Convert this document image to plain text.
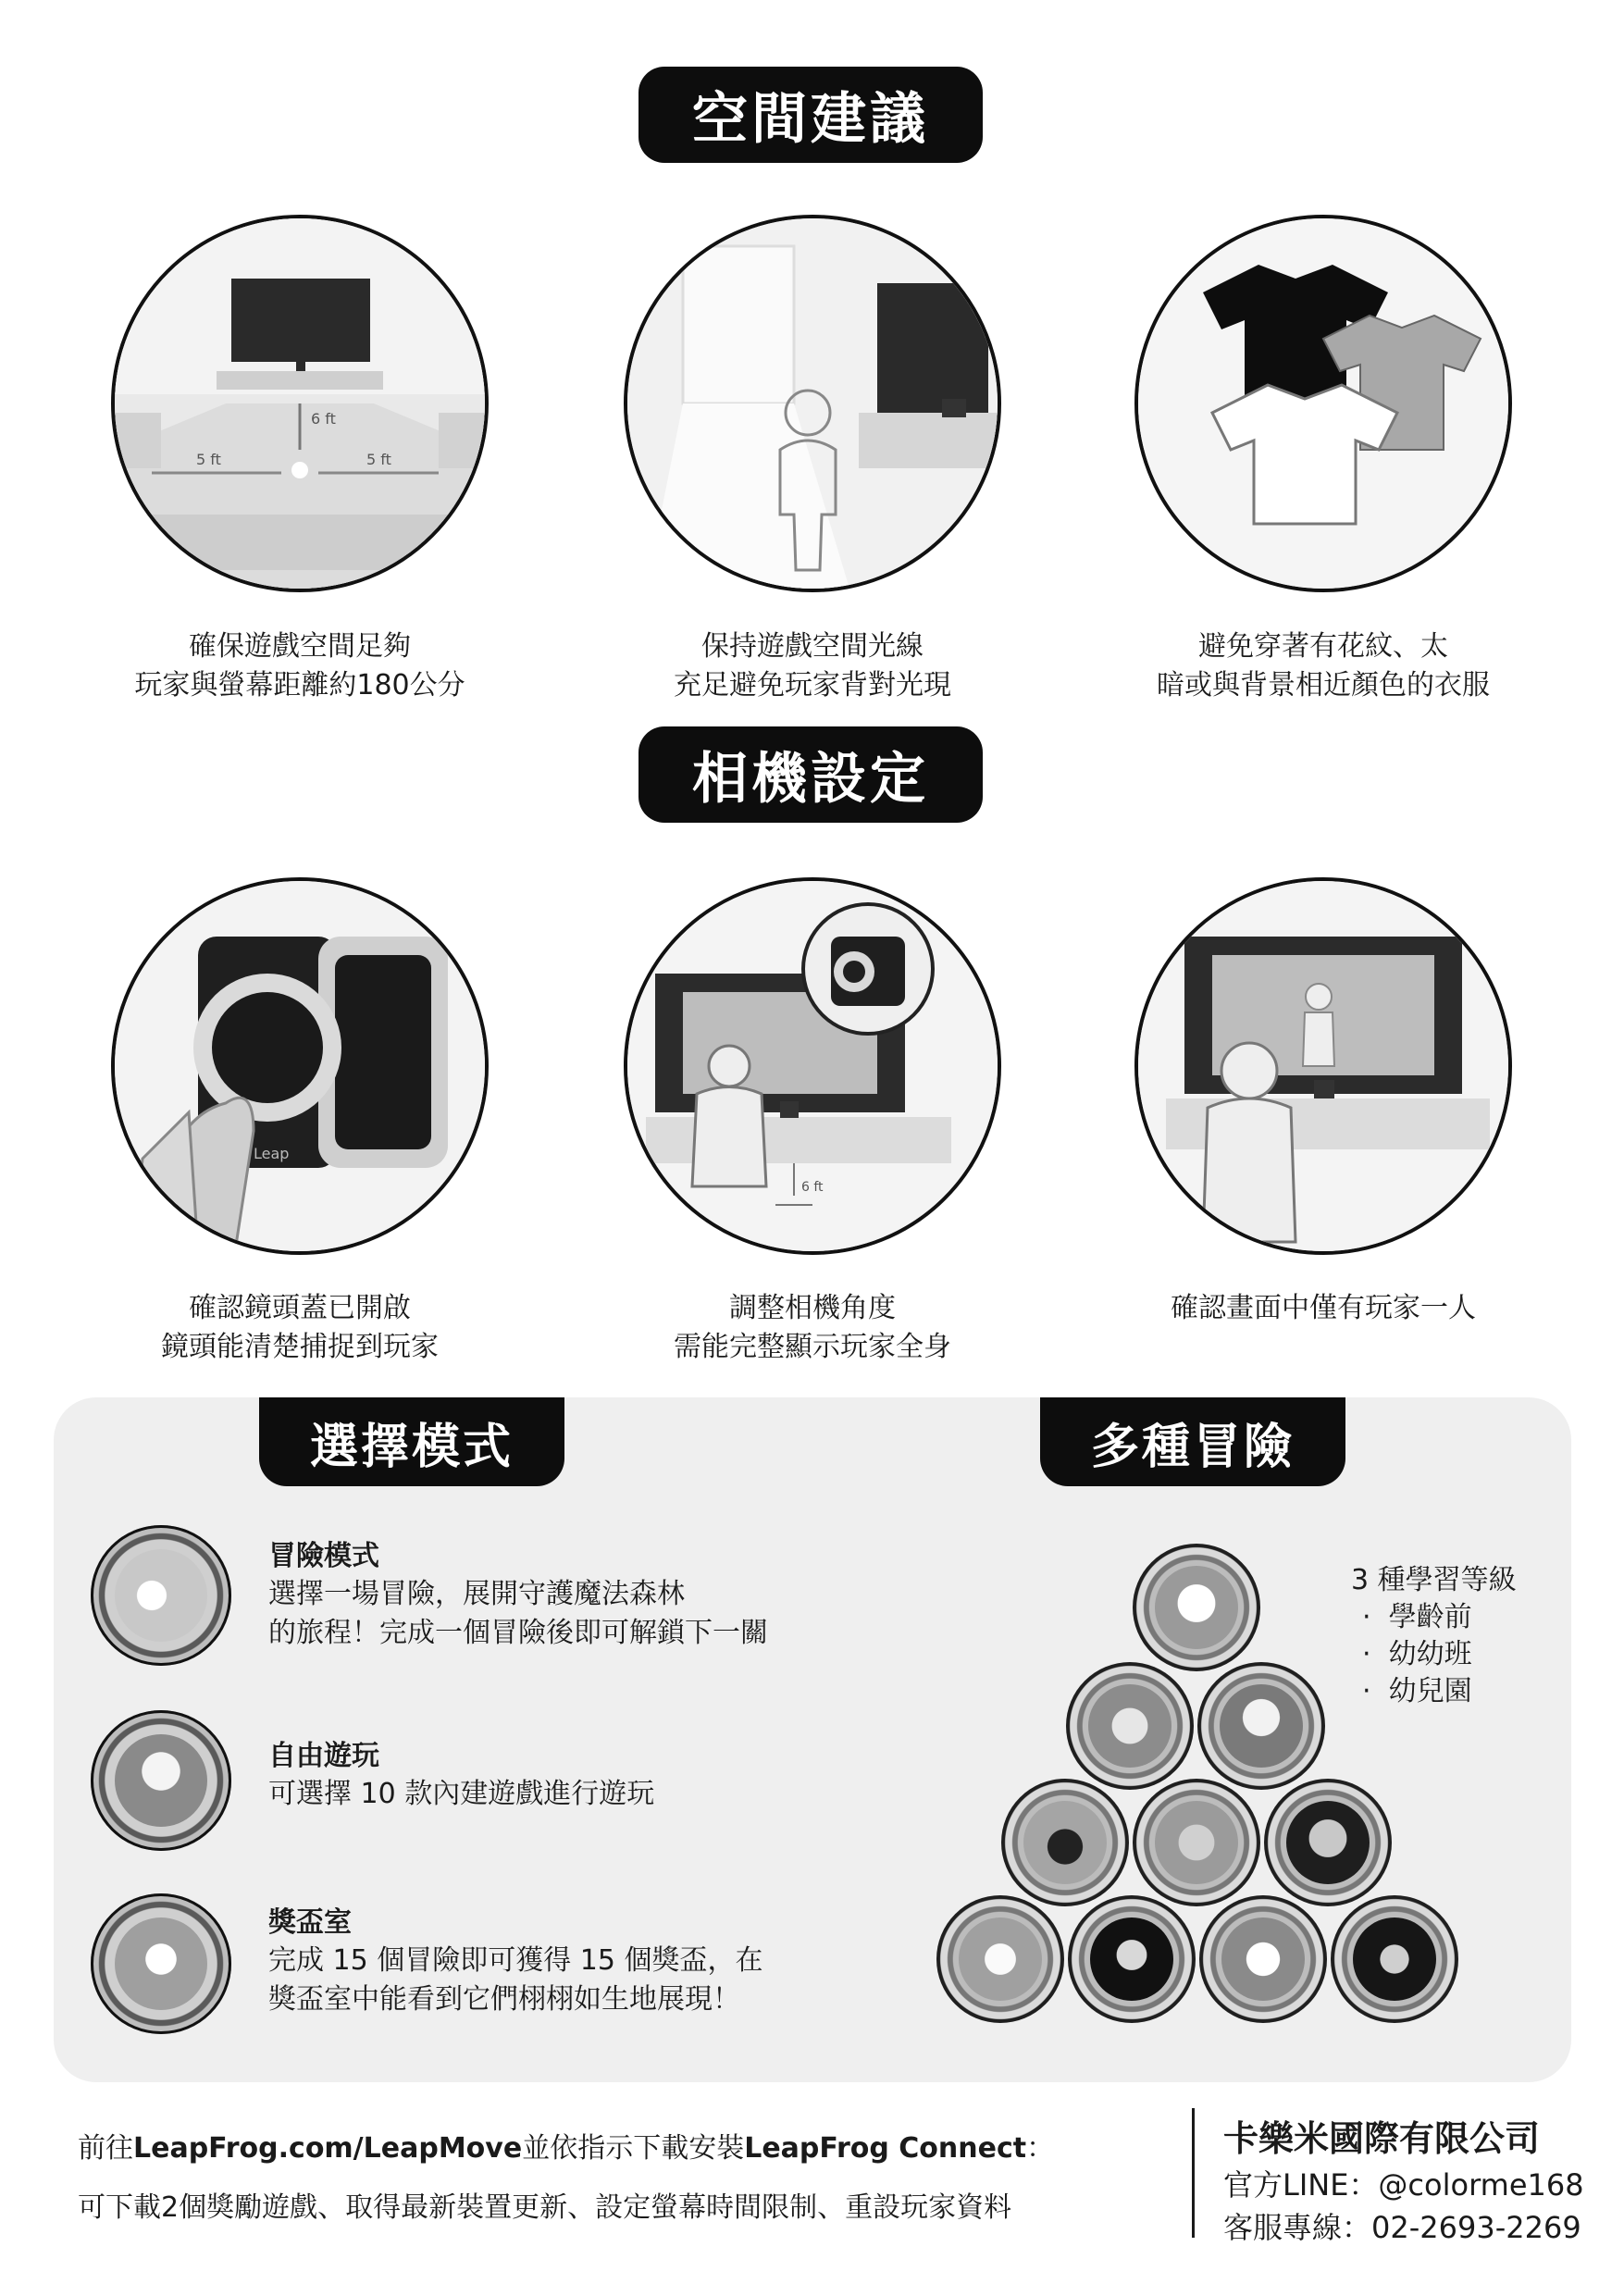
空間建議
6 ft
5 ft	5 ft
確保遊戲空間足夠
玩家與螢幕距離約180公分
保持遊戲空間光線
充足避免玩家背對光現
避免穿著有花紋、太
暗或與背景相近顏色的衣服
相機設定
Leap
6 ft
確認鏡頭蓋已開啟
鏡頭能清楚捕捉到玩家
調整相機角度
需能完整顯示玩家全身
確認畫面中僅有玩家一人
選擇模式	多種冒險
冒險模式
選擇一場冒險，展開守護魔法森林
的旅程！完成一個冒險後即可解鎖下一關
自由遊玩
可選擇 10 款內建遊戲進行遊玩
獎盃室
完成 15 個冒險即可獲得 15 個獎盃，在
獎盃室中能看到它們栩栩如生地展現！
3 種學習等級
· 學齡前
· 幼幼班
· 幼兒園
前往LeapFrog.com/LeapMove並依指示下載安裝LeapFrog Connect：
可下載2個獎勵遊戲、取得最新裝置更新、設定螢幕時間限制、重設玩家資料
卡樂米國際有限公司
官方LINE：@colorme168
客服專線：02-2693-2269
